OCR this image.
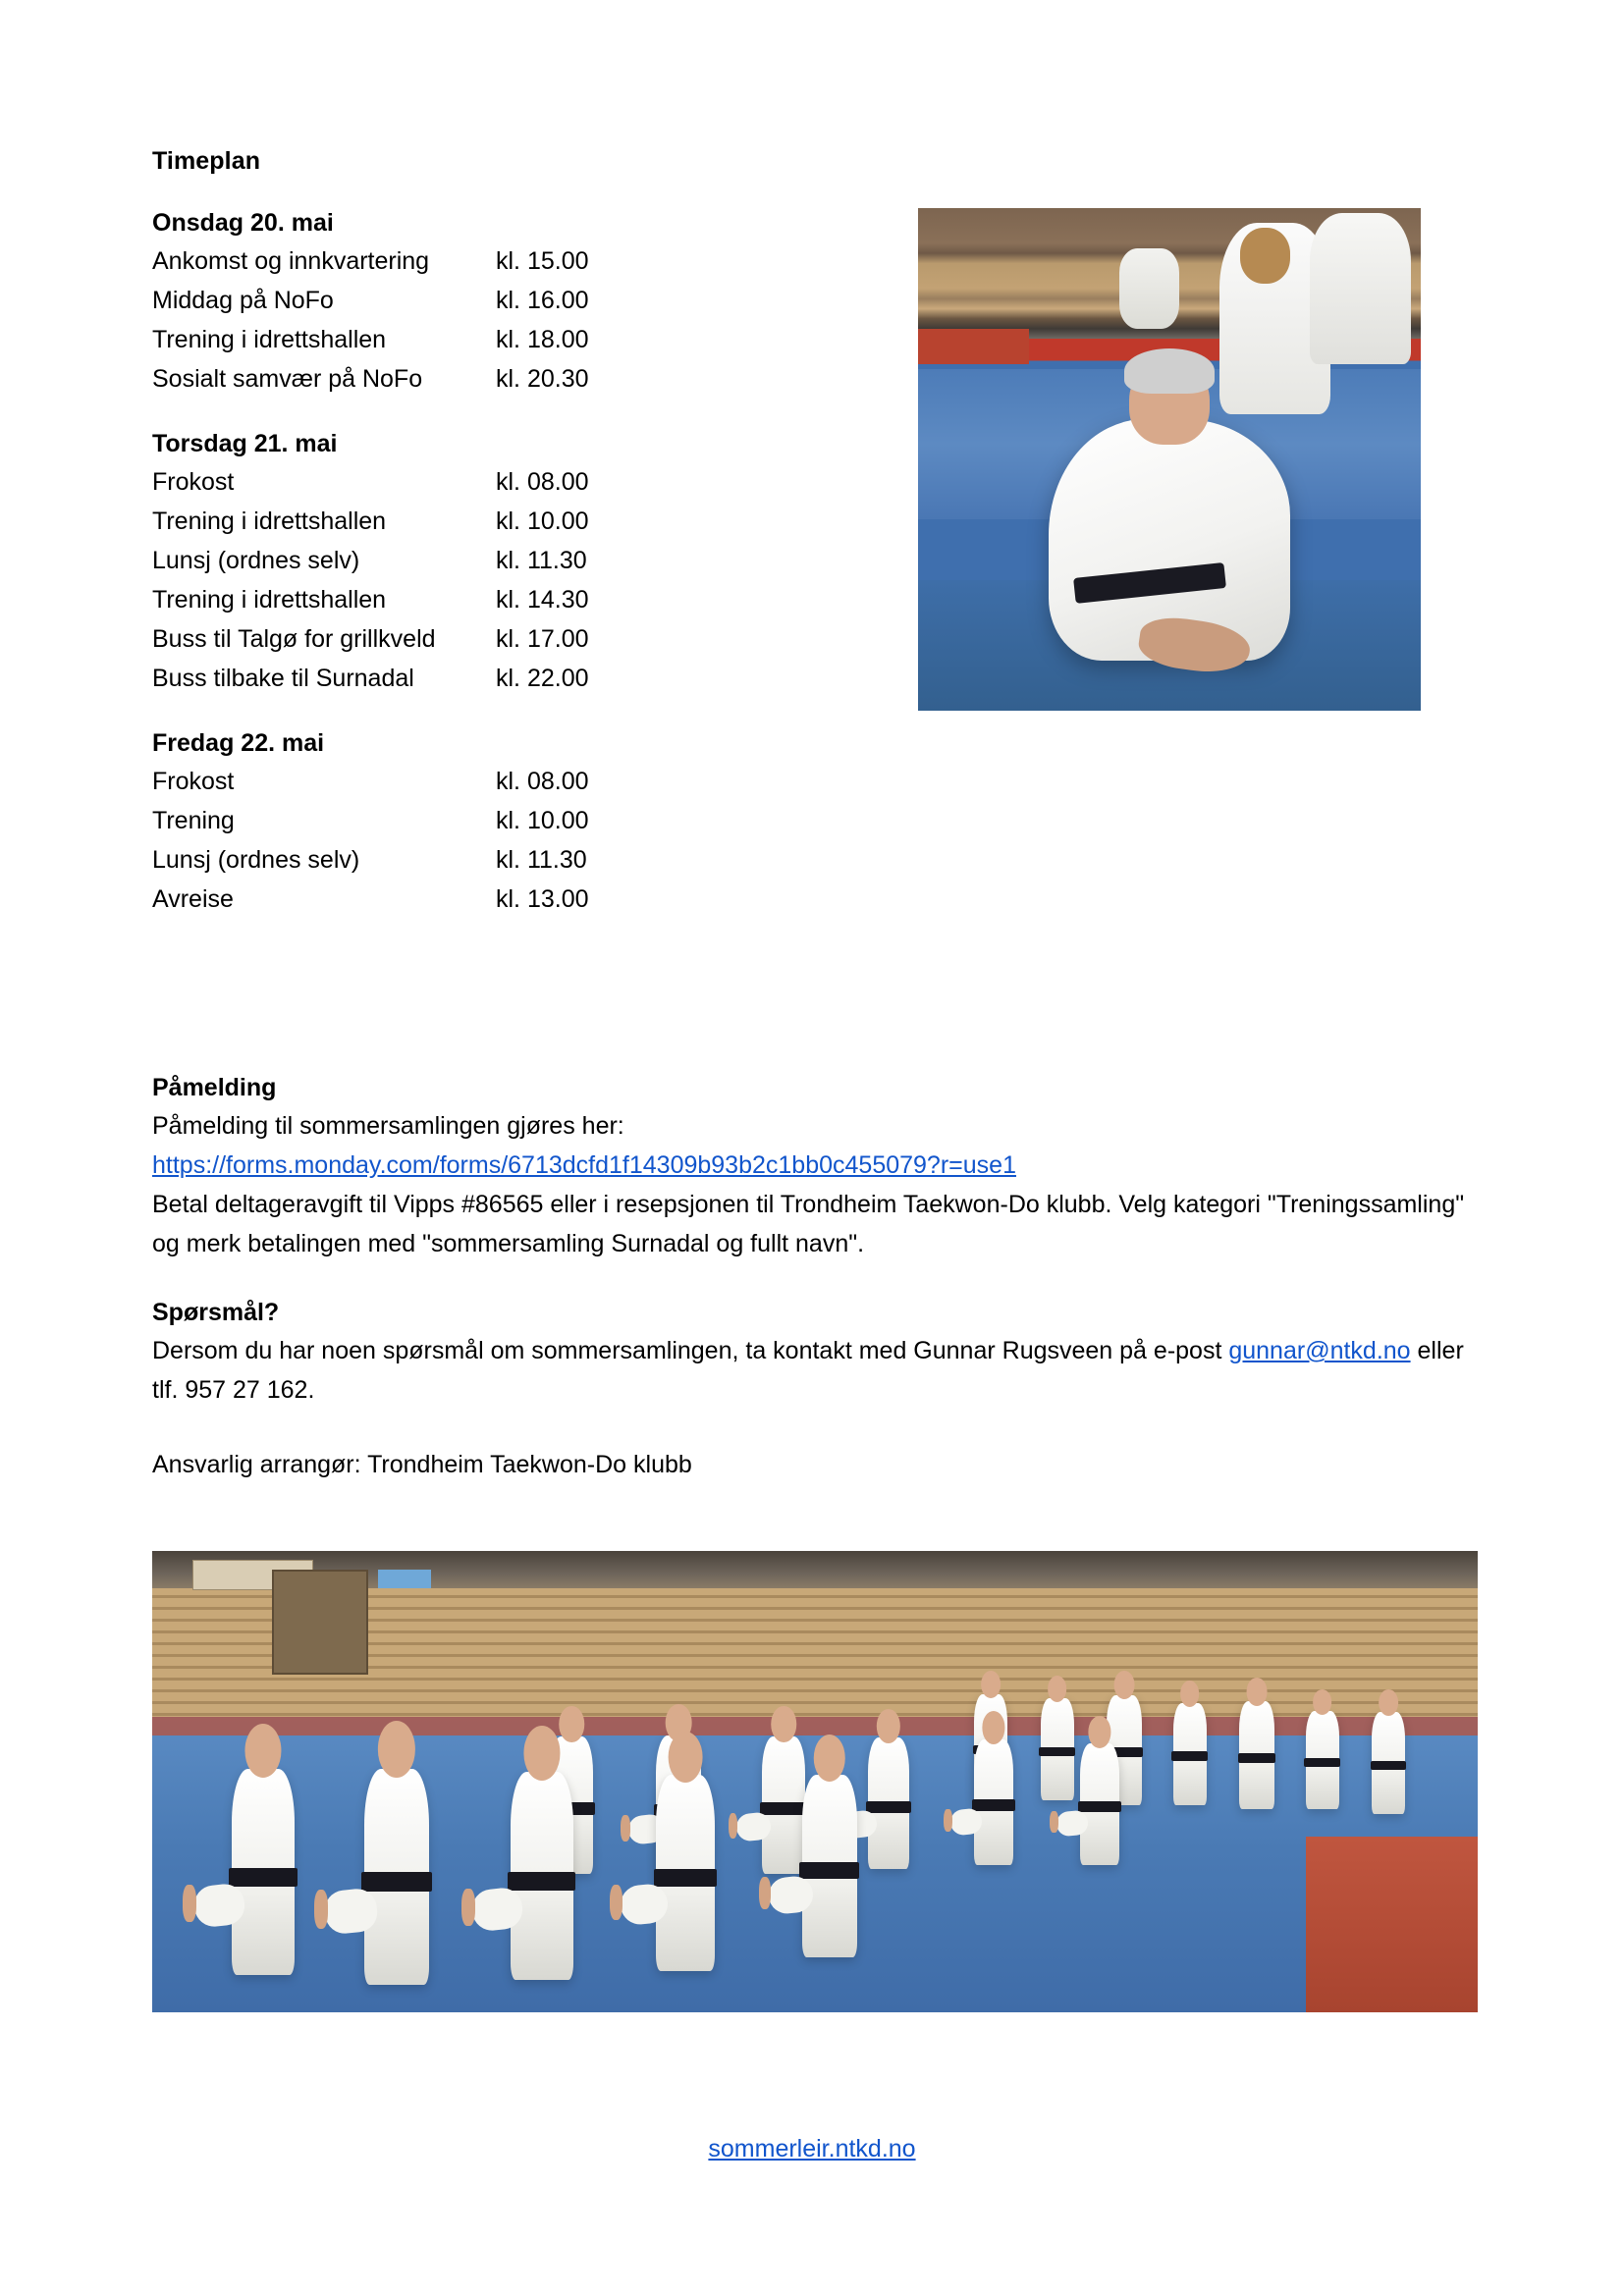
Timeplan
Onsdag 20. mai
Ankomst og innkvartering	kl. 15.00
Middag på NoFo	kl. 16.00
Trening i idrettshallen	kl. 18.00
Sosialt samvær på NoFo	kl. 20.30
Torsdag 21. mai
Frokost	kl. 08.00
Trening i idrettshallen	kl. 10.00
Lunsj (ordnes selv)	kl. 11.30
Trening i idrettshallen	kl. 14.30
Buss til Talgø for grillkveld	kl. 17.00
Buss tilbake til Surnadal	kl. 22.00
Fredag 22. mai
Frokost	kl. 08.00
Trening	kl. 10.00
Lunsj (ordnes selv)	kl. 11.30
Avreise	kl. 13.00
Påmelding

Påmelding til sommersamlingen gjøres her:

https://forms.monday.com/forms/6713dcfd1f14309b93b2c1bb0c455079?r=use1

Betal deltageravgift til Vipps #86565 eller i resepsjonen til Trondheim Taekwon-Do klubb. Velg kategori "Treningssamling" og merk betalingen med "sommersamling Surnadal og fullt navn".

Spørsmål?

Dersom du har noen spørsmål om sommersamlingen, ta kontakt med Gunnar Rugsveen på e-post gunnar@ntkd.no eller tlf. 957 27 162.

Ansvarlig arrangør: Trondheim Taekwon-Do klubb

sommerleir.ntkd.no
